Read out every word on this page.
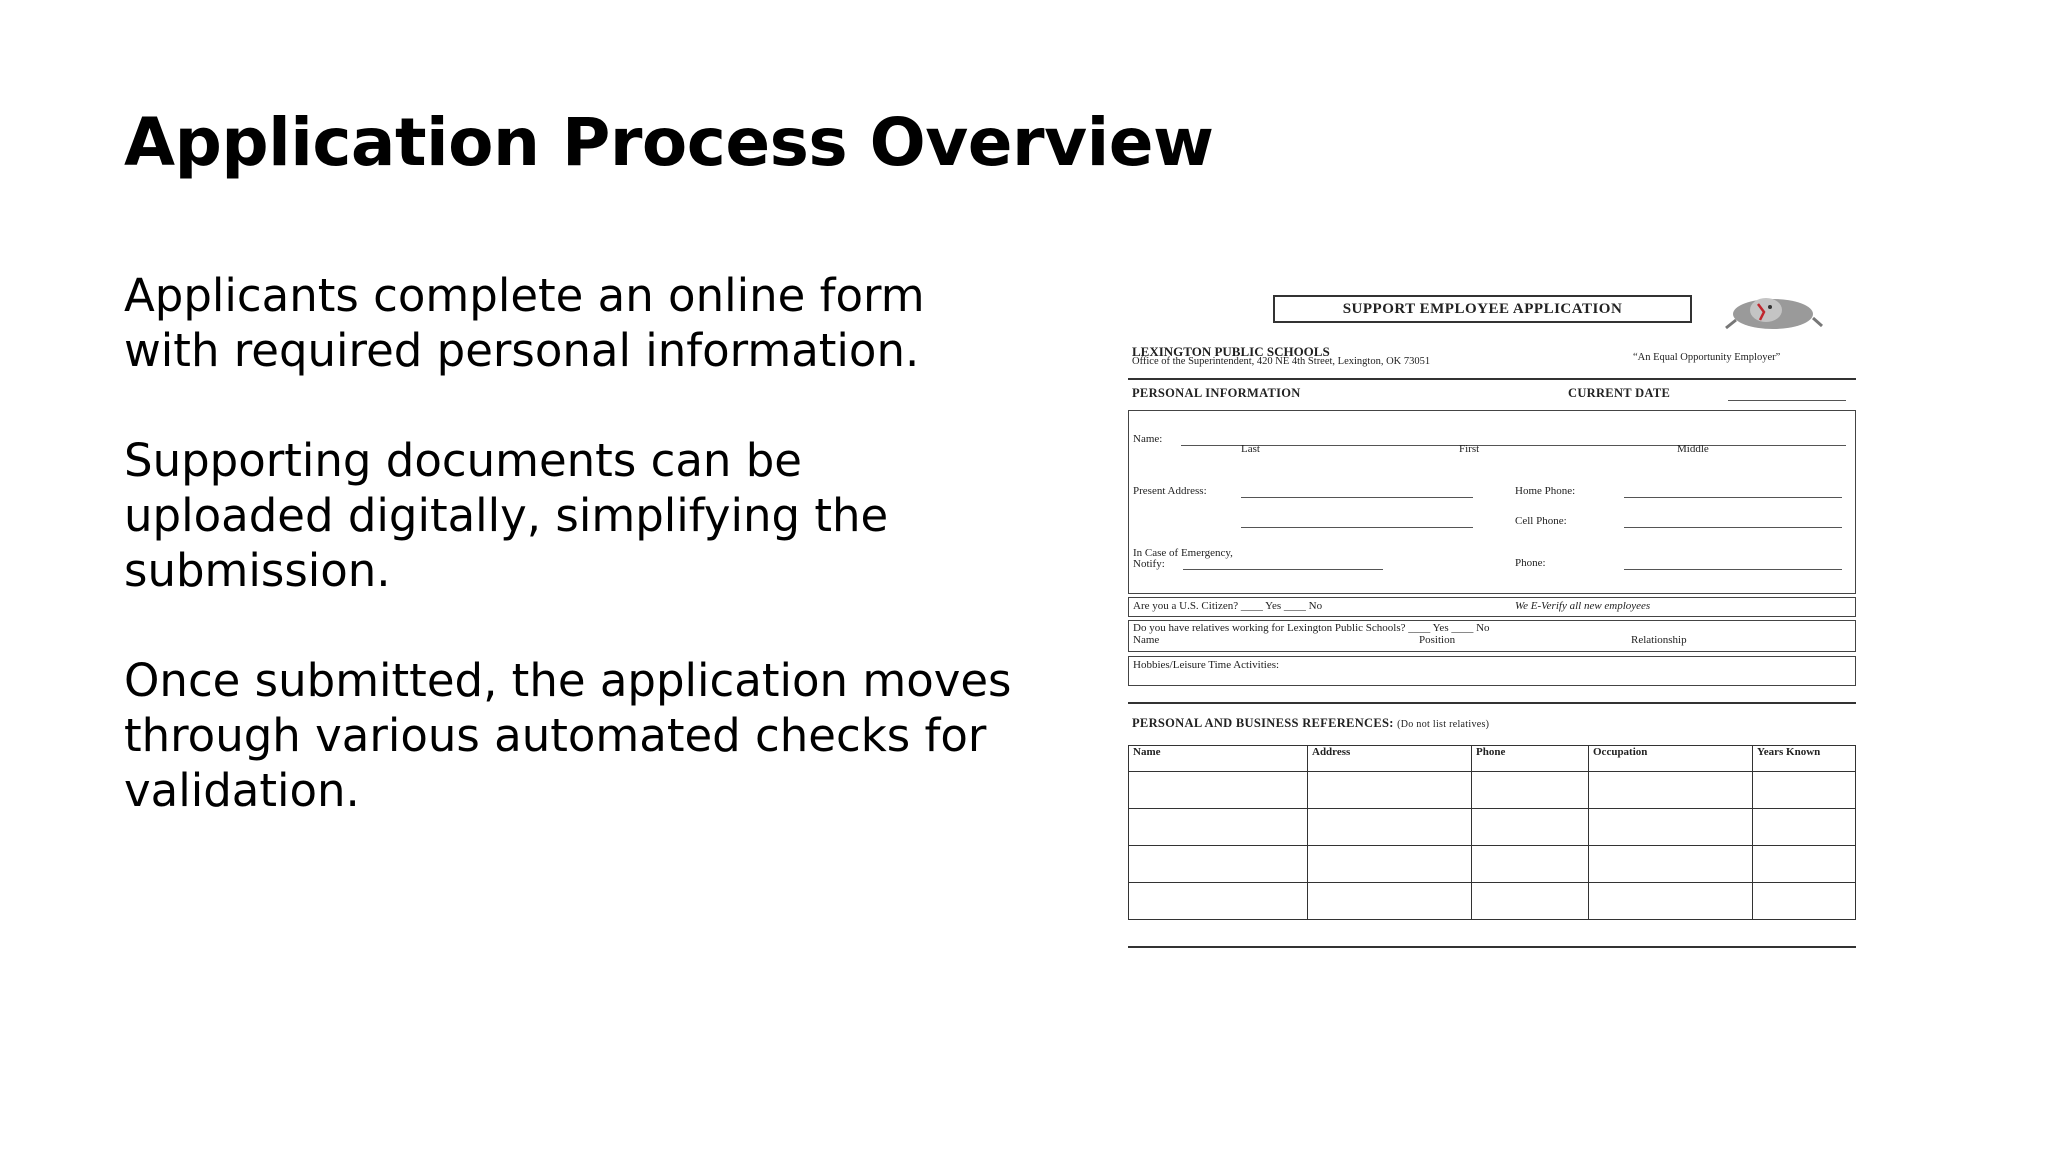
Application Process Overview

Applicants complete an online form with required personal information.

Supporting documents can be uploaded digitally, simplifying the submission.

Once submitted, the application moves through various automated checks for validation.

SUPPORT EMPLOYEE APPLICATION
LEXINGTON PUBLIC SCHOOLS
Office of the Superintendent, 420 NE 4th Street, Lexington, OK 73051	“An Equal Opportunity Employer”
PERSONAL INFORMATION	CURRENT DATE
Name:
Last	First	Middle
Present Address:	Home Phone:
Cell Phone:
In Case of Emergency,
Notify:	Phone:
Are you a U.S. Citizen? ____ Yes ____ No	We E-Verify all new employees
Do you have relatives working for Lexington Public Schools? ____ Yes ____ No
Name	Position	Relationship
Hobbies/Leisure Time Activities:
PERSONAL AND BUSINESS REFERENCES: (Do not list relatives)
Name	Address	Phone	Occupation	Years Known
